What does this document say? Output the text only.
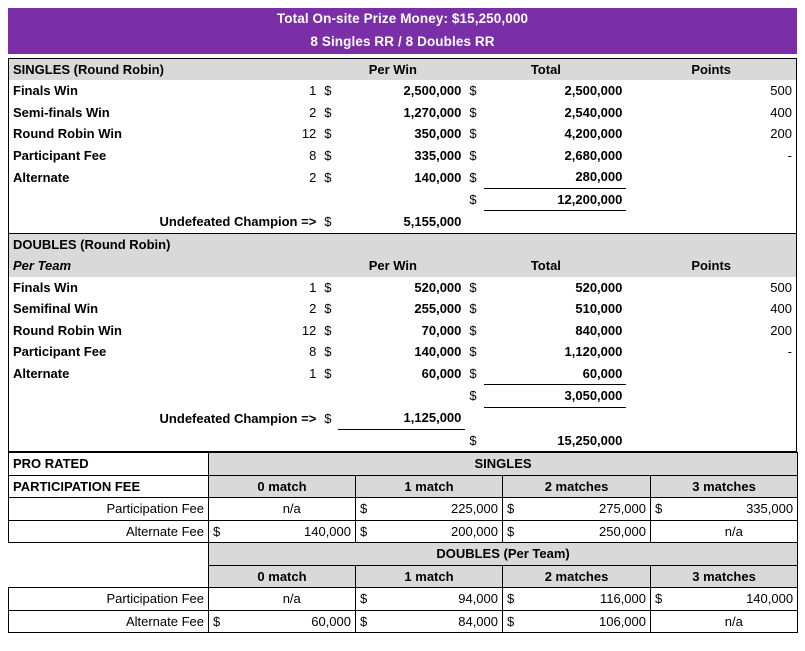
Total On-site Prize Money: $15,250,000
8 Singles RR / 8 Doubles RR
SINGLES (Round Robin)		Per Win		Total		Points
Finals Win	1	$	2,500,000	$	2,500,000	500
Semi-finals Win	2	$	1,270,000	$	2,540,000	400
Round Robin Win	12	$	350,000	$	4,200,000	200
Participant Fee	8	$	335,000	$	2,680,000	-
Alternate	2	$	140,000	$	280,000	
				$	12,200,000	
Undefeated Champion =>		$	5,155,000			
DOUBLES (Round Robin)						
Per Team		Per Win		Total		Points
Finals Win	1	$	520,000	$	520,000	500
Semifinal Win	2	$	255,000	$	510,000	400
Round Robin Win	12	$	70,000	$	840,000	200
Participant Fee	8	$	140,000	$	1,120,000	-
Alternate	1	$	60,000	$	60,000	
				$	3,050,000	
Undefeated Champion =>		$	1,125,000			
				$	15,250,000	
PRO RATED	SINGLES							
PARTICIPATION FEE	0 match		1 match		2 matches		3 matches	
Participation Fee		n/a	$	225,000	$	275,000	$	335,000
Alternate Fee	$	140,000	$	200,000	$	250,000		n/a
	DOUBLES (Per Team)							
	0 match		1 match		2 matches		3 matches	
Participation Fee		n/a	$	94,000	$	116,000	$	140,000
Alternate Fee	$	60,000	$	84,000	$	106,000		n/a
